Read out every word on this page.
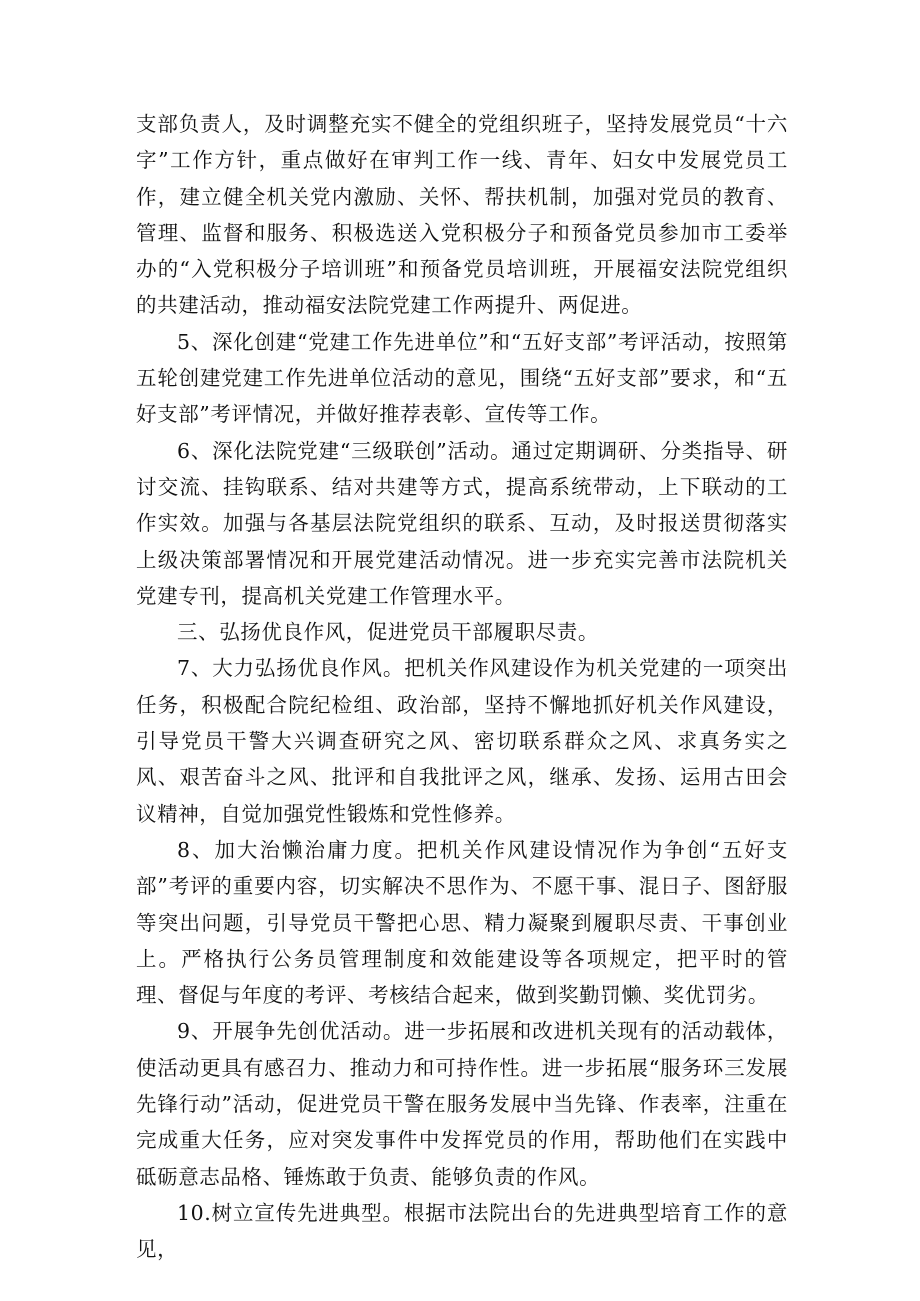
支部负责人，及时调整充实不健全的党组织班子，坚持发展党员“十六字”工作方针，重点做好在审判工作一线、青年、妇女中发展党员工作，建立健全机关党内激励、关怀、帮扶机制，加强对党员的教育、管理、监督和服务、积极选送入党积极分子和预备党员参加市工委举办的“入党积极分子培训班”和预备党员培训班，开展福安法院党组织的共建活动，推动福安法院党建工作两提升、两促进。

5、深化创建“党建工作先进单位”和“五好支部”考评活动，按照第五轮创建党建工作先进单位活动的意见，围绕“五好支部”要求，和“五好支部”考评情况，并做好推荐表彰、宣传等工作。

6、深化法院党建“三级联创”活动。通过定期调研、分类指导、研讨交流、挂钩联系、结对共建等方式，提高系统带动，上下联动的工作实效。加强与各基层法院党组织的联系、互动，及时报送贯彻落实上级决策部署情况和开展党建活动情况。进一步充实完善市法院机关党建专刊，提高机关党建工作管理水平。

三、弘扬优良作风，促进党员干部履职尽责。

7、大力弘扬优良作风。把机关作风建设作为机关党建的一项突出任务，积极配合院纪检组、政治部，坚持不懈地抓好机关作风建设，引导党员干警大兴调查研究之风、密切联系群众之风、求真务实之风、艰苦奋斗之风、批评和自我批评之风，继承、发扬、运用古田会议精神，自觉加强党性锻炼和党性修养。

8、加大治懒治庸力度。把机关作风建设情况作为争创“五好支部”考评的重要内容，切实解决不思作为、不愿干事、混日子、图舒服等突出问题，引导党员干警把心思、精力凝聚到履职尽责、干事创业上。严格执行公务员管理制度和效能建设等各项规定，把平时的管理、督促与年度的考评、考核结合起来，做到奖勤罚懒、奖优罚劣。

9、开展争先创优活动。进一步拓展和改进机关现有的活动载体，使活动更具有感召力、推动力和可持作性。进一步拓展“服务环三发展先锋行动”活动，促进党员干警在服务发展中当先锋、作表率，注重在完成重大任务，应对突发事件中发挥党员的作用，帮助他们在实践中砥砺意志品格、锤炼敢于负责、能够负责的作风。

10.树立宣传先进典型。根据市法院出台的先进典型培育工作的意见，
